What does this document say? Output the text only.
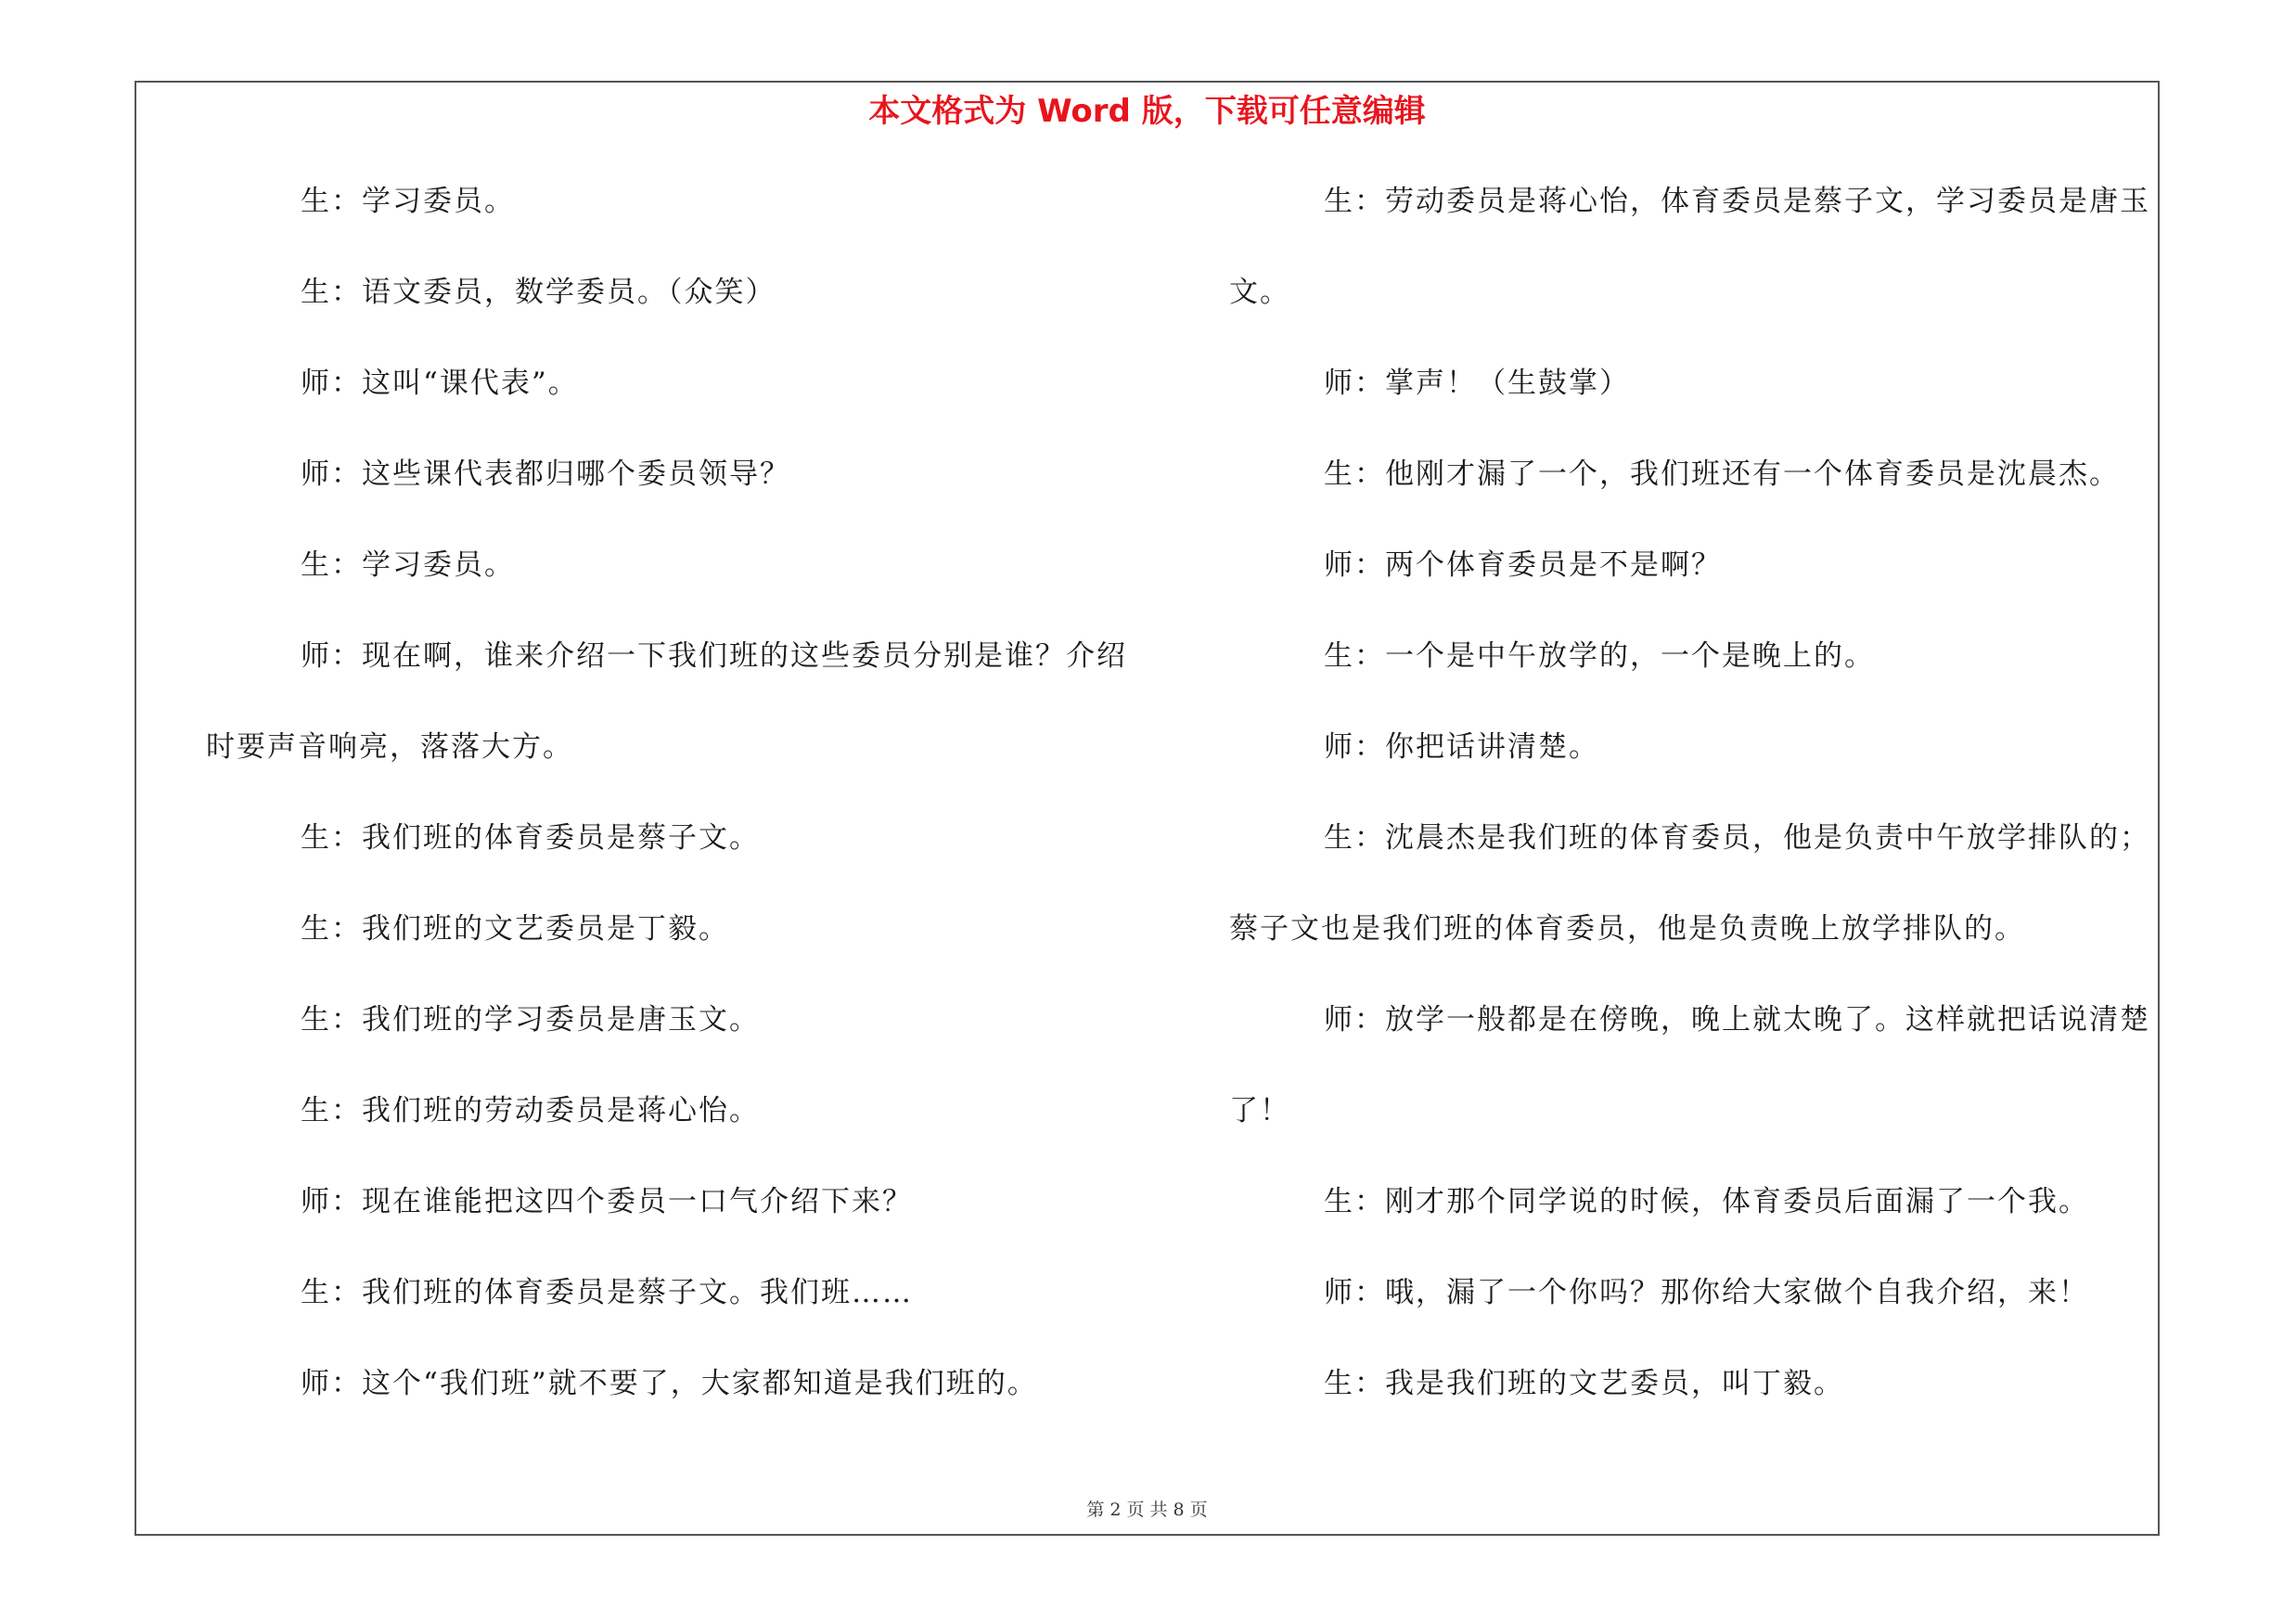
本文格式为 Word 版，下载可任意编辑
第 2 页 共 8 页
生：学习委员。
生：语文委员，数学委员。（众笑）
师：这叫“课代表”。
师：这些课代表都归哪个委员领导？
生：学习委员。
师：现在啊，谁来介绍一下我们班的这些委员分别是谁？介绍
时要声音响亮，落落大方。
生：我们班的体育委员是蔡子文。
生：我们班的文艺委员是丁毅。
生：我们班的学习委员是唐玉文。
生：我们班的劳动委员是蒋心怡。
师：现在谁能把这四个委员一口气介绍下来？
生：我们班的体育委员是蔡子文。我们班……
师：这个“我们班”就不要了，大家都知道是我们班的。
生：劳动委员是蒋心怡，体育委员是蔡子文，学习委员是唐玉
文。
师：掌声！（生鼓掌）
生：他刚才漏了一个，我们班还有一个体育委员是沈晨杰。
师：两个体育委员是不是啊？
生：一个是中午放学的，一个是晚上的。
师：你把话讲清楚。
生：沈晨杰是我们班的体育委员，他是负责中午放学排队的；
蔡子文也是我们班的体育委员，他是负责晚上放学排队的。
师：放学一般都是在傍晚，晚上就太晚了。这样就把话说清楚
了！
生：刚才那个同学说的时候，体育委员后面漏了一个我。
师：哦，漏了一个你吗？那你给大家做个自我介绍，来！
生：我是我们班的文艺委员，叫丁毅。
